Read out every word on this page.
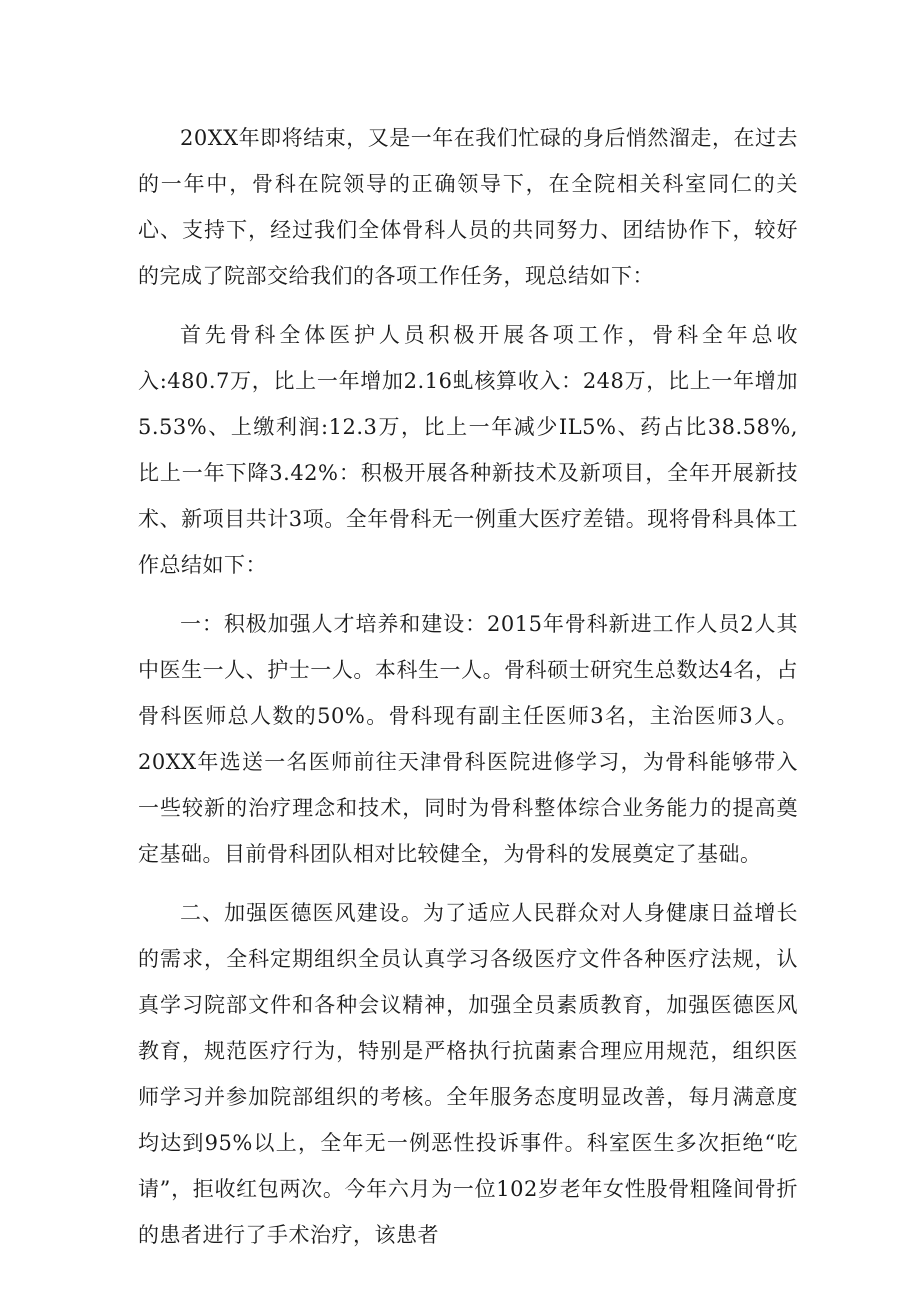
20XX年即将结束，又是一年在我们忙碌的身后悄然溜走，在过去的一年中，骨科在院领导的正确领导下，在全院相关科室同仁的关心、支持下，经过我们全体骨科人员的共同努力、团结协作下，较好的完成了院部交给我们的各项工作任务，现总结如下：

首先骨科全体医护人员积极开展各项工作，骨科全年总收入:480.7万，比上一年增加2.16虬核算收入：248万，比上一年增加5.53%、上缴利润:12.3万，比上一年减少IL5%、药占比38.58%,比上一年下降3.42%：积极开展各种新技术及新项目，全年开展新技术、新项目共计3项。全年骨科无一例重大医疗差错。现将骨科具体工作总结如下：

一：积极加强人才培养和建设：2015年骨科新进工作人员2人其中医生一人、护士一人。本科生一人。骨科硕士研究生总数达4名，占骨科医师总人数的50%。骨科现有副主任医师3名，主治医师3人。20XX年选送一名医师前往天津骨科医院进修学习，为骨科能够带入一些较新的治疗理念和技术，同时为骨科整体综合业务能力的提高奠定基础。目前骨科团队相对比较健全，为骨科的发展奠定了基础。

二、加强医德医风建设。为了适应人民群众对人身健康日益增长的需求，全科定期组织全员认真学习各级医疗文件各种医疗法规，认真学习院部文件和各种会议精神，加强全员素质教育，加强医德医风教育，规范医疗行为，特别是严格执行抗菌素合理应用规范，组织医师学习并参加院部组织的考核。全年服务态度明显改善，每月满意度均达到95%以上，全年无一例恶性投诉事件。科室医生多次拒绝“吃请”，拒收红包两次。今年六月为一位102岁老年女性股骨粗隆间骨折的患者进行了手术治疗，该患者
